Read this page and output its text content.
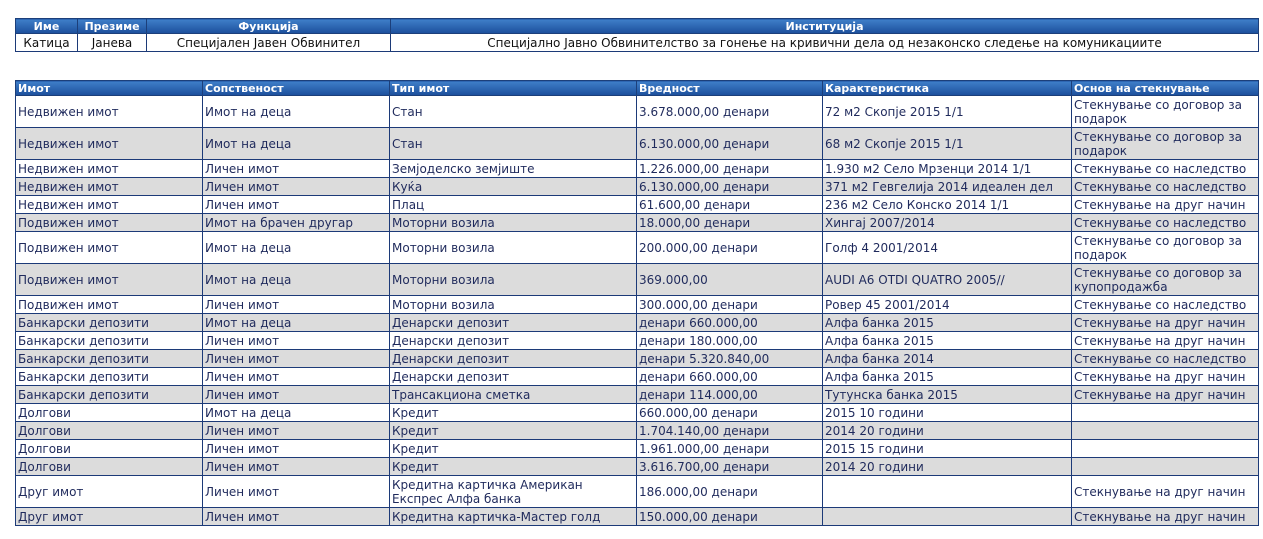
Име	Презиме	Функција	Институција
Катица	Јанева	Специјален Јавен Обвинител	Специјално Јавно Обвинителство за гонење на кривични дела од незаконско следење на комуникациите
Имот	Сопственост	Тип имот	Вредност	Карактеристика	Основ на стекнување
Недвижен имот	Имот на деца	Стан	3.678.000,00 денари	72 м2 Скопје 2015 1/1	Стекнување со договор за подарок
Недвижен имот	Имот на деца	Стан	6.130.000,00 денари	68 м2 Скопје 2015 1/1	Стекнување со договор за подарок
Недвижен имот	Личен имот	Земјоделско земјиште	1.226.000,00 денари	1.930 м2 Село Мрзенци 2014 1/1	Стекнување со наследство
Недвижен имот	Личен имот	Куќа	6.130.000,00 денари	371 м2 Гевгелија 2014 идеален дел	Стекнување со наследство
Недвижен имот	Личен имот	Плац	61.600,00 денари	236 м2 Село Конско 2014 1/1	Стекнување на друг начин
Подвижен имот	Имот на брачен другар	Моторни возила	18.000,00 денари	Хингај 2007/2014	Стекнување со наследство
Подвижен имот	Имот на деца	Моторни возила	200.000,00 денари	Голф 4 2001/2014	Стекнување со договор за подарок
Подвижен имот	Имот на деца	Моторни возила	369.000,00	AUDI A6 OTDI QUATRO 2005//	Стекнување со договор за купопродажба
Подвижен имот	Личен имот	Моторни возила	300.000,00 денари	Ровер 45 2001/2014	Стекнување со наследство
Банкарски депозити	Имот на деца	Денарски депозит	денари 660.000,00	Алфа банка 2015	Стекнување на друг начин
Банкарски депозити	Личен имот	Денарски депозит	денари 180.000,00	Алфа банка 2015	Стекнување на друг начин
Банкарски депозити	Личен имот	Денарски депозит	денари 5.320.840,00	Алфа банка 2014	Стекнување со наследство
Банкарски депозити	Личен имот	Денарски депозит	денари 660.000,00	Алфа банка 2015	Стекнување на друг начин
Банкарски депозити	Личен имот	Трансакциона сметка	денари 114.000,00	Тутунска банка 2015	Стекнување на друг начин
Долгови	Имот на деца	Кредит	660.000,00 денари	2015 10 години	
Долгови	Личен имот	Кредит	1.704.140,00 денари	2014 20 години	
Долгови	Личен имот	Кредит	1.961.000,00 денари	2015 15 години	
Долгови	Личен имот	Кредит	3.616.700,00 денари	2014 20 години	
Друг имот	Личен имот	Кредитна картичка Американ Експрес Алфа банка	186.000,00 денари		Стекнување на друг начин
Друг имот	Личен имот	Кредитна картичка-Мастер голд	150.000,00 денари		Стекнување на друг начин
